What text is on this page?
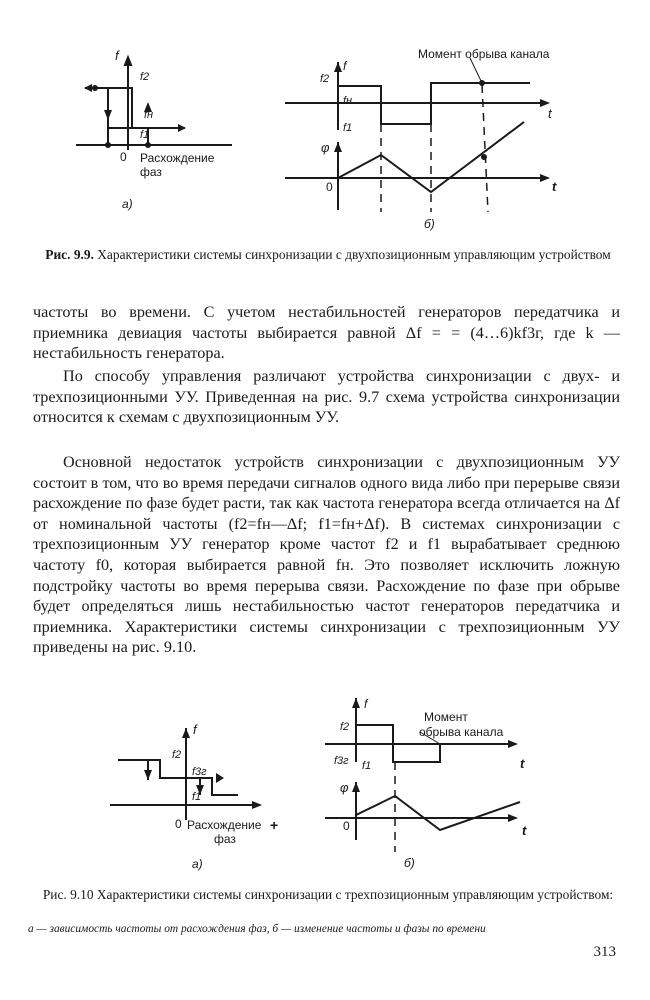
f
f2
fн
f1
0 Расхождение
фаз
а)
Момент обрыва канала
f
f2
fн
f1
t
φ
0	t
б)
Рис. 9.9. Характеристики системы синхронизации с двухпозиционным управляющим устройством
частоты во времени. С учетом нестабильностей генераторов передатчика и приемника девиация частоты выбирается равной Δf = = (4…6)kf3г, где k — нестабильность генератора.
По способу управления различают устройства синхронизации с двух- и трехпозиционными УУ. Приведенная на рис. 9.7 схема устройства синхронизации относится к схемам с двухпозиционным УУ.
Основной недостаток устройств синхронизации с двухпозиционным УУ состоит в том, что во время передачи сигналов одного вида либо при перерыве связи расхождение по фазе будет расти, так как частота генератора всегда отличается на Δf от номинальной частоты (f2=fн—Δf; f1=fн+Δf). В системах синхронизации с трехпозиционным УУ генератор кроме частот f2 и f1 вырабатывает среднюю частоту f0, которая выбирается равной fн. Это позволяет исключить ложную подстройку частоты во время перерыва связи. Расхождение по фазе при обрыве будет определяться лишь нестабильностью частот генераторов передатчика и приемника. Характеристики системы синхронизации с трехпозиционным УУ приведены на рис. 9.10.
f
f2
f3г
f1
0 Расхождение +
фаз
а)
f
Момент
обрыва канала
f2
f3г f1	t
φ
0	t
б)
Рис. 9.10 Характеристики системы синхронизации с трехпозиционным управляющим устройством:
а — зависимость частоты от расхождения фаз, б — изменение частоты и фазы по времени
313
